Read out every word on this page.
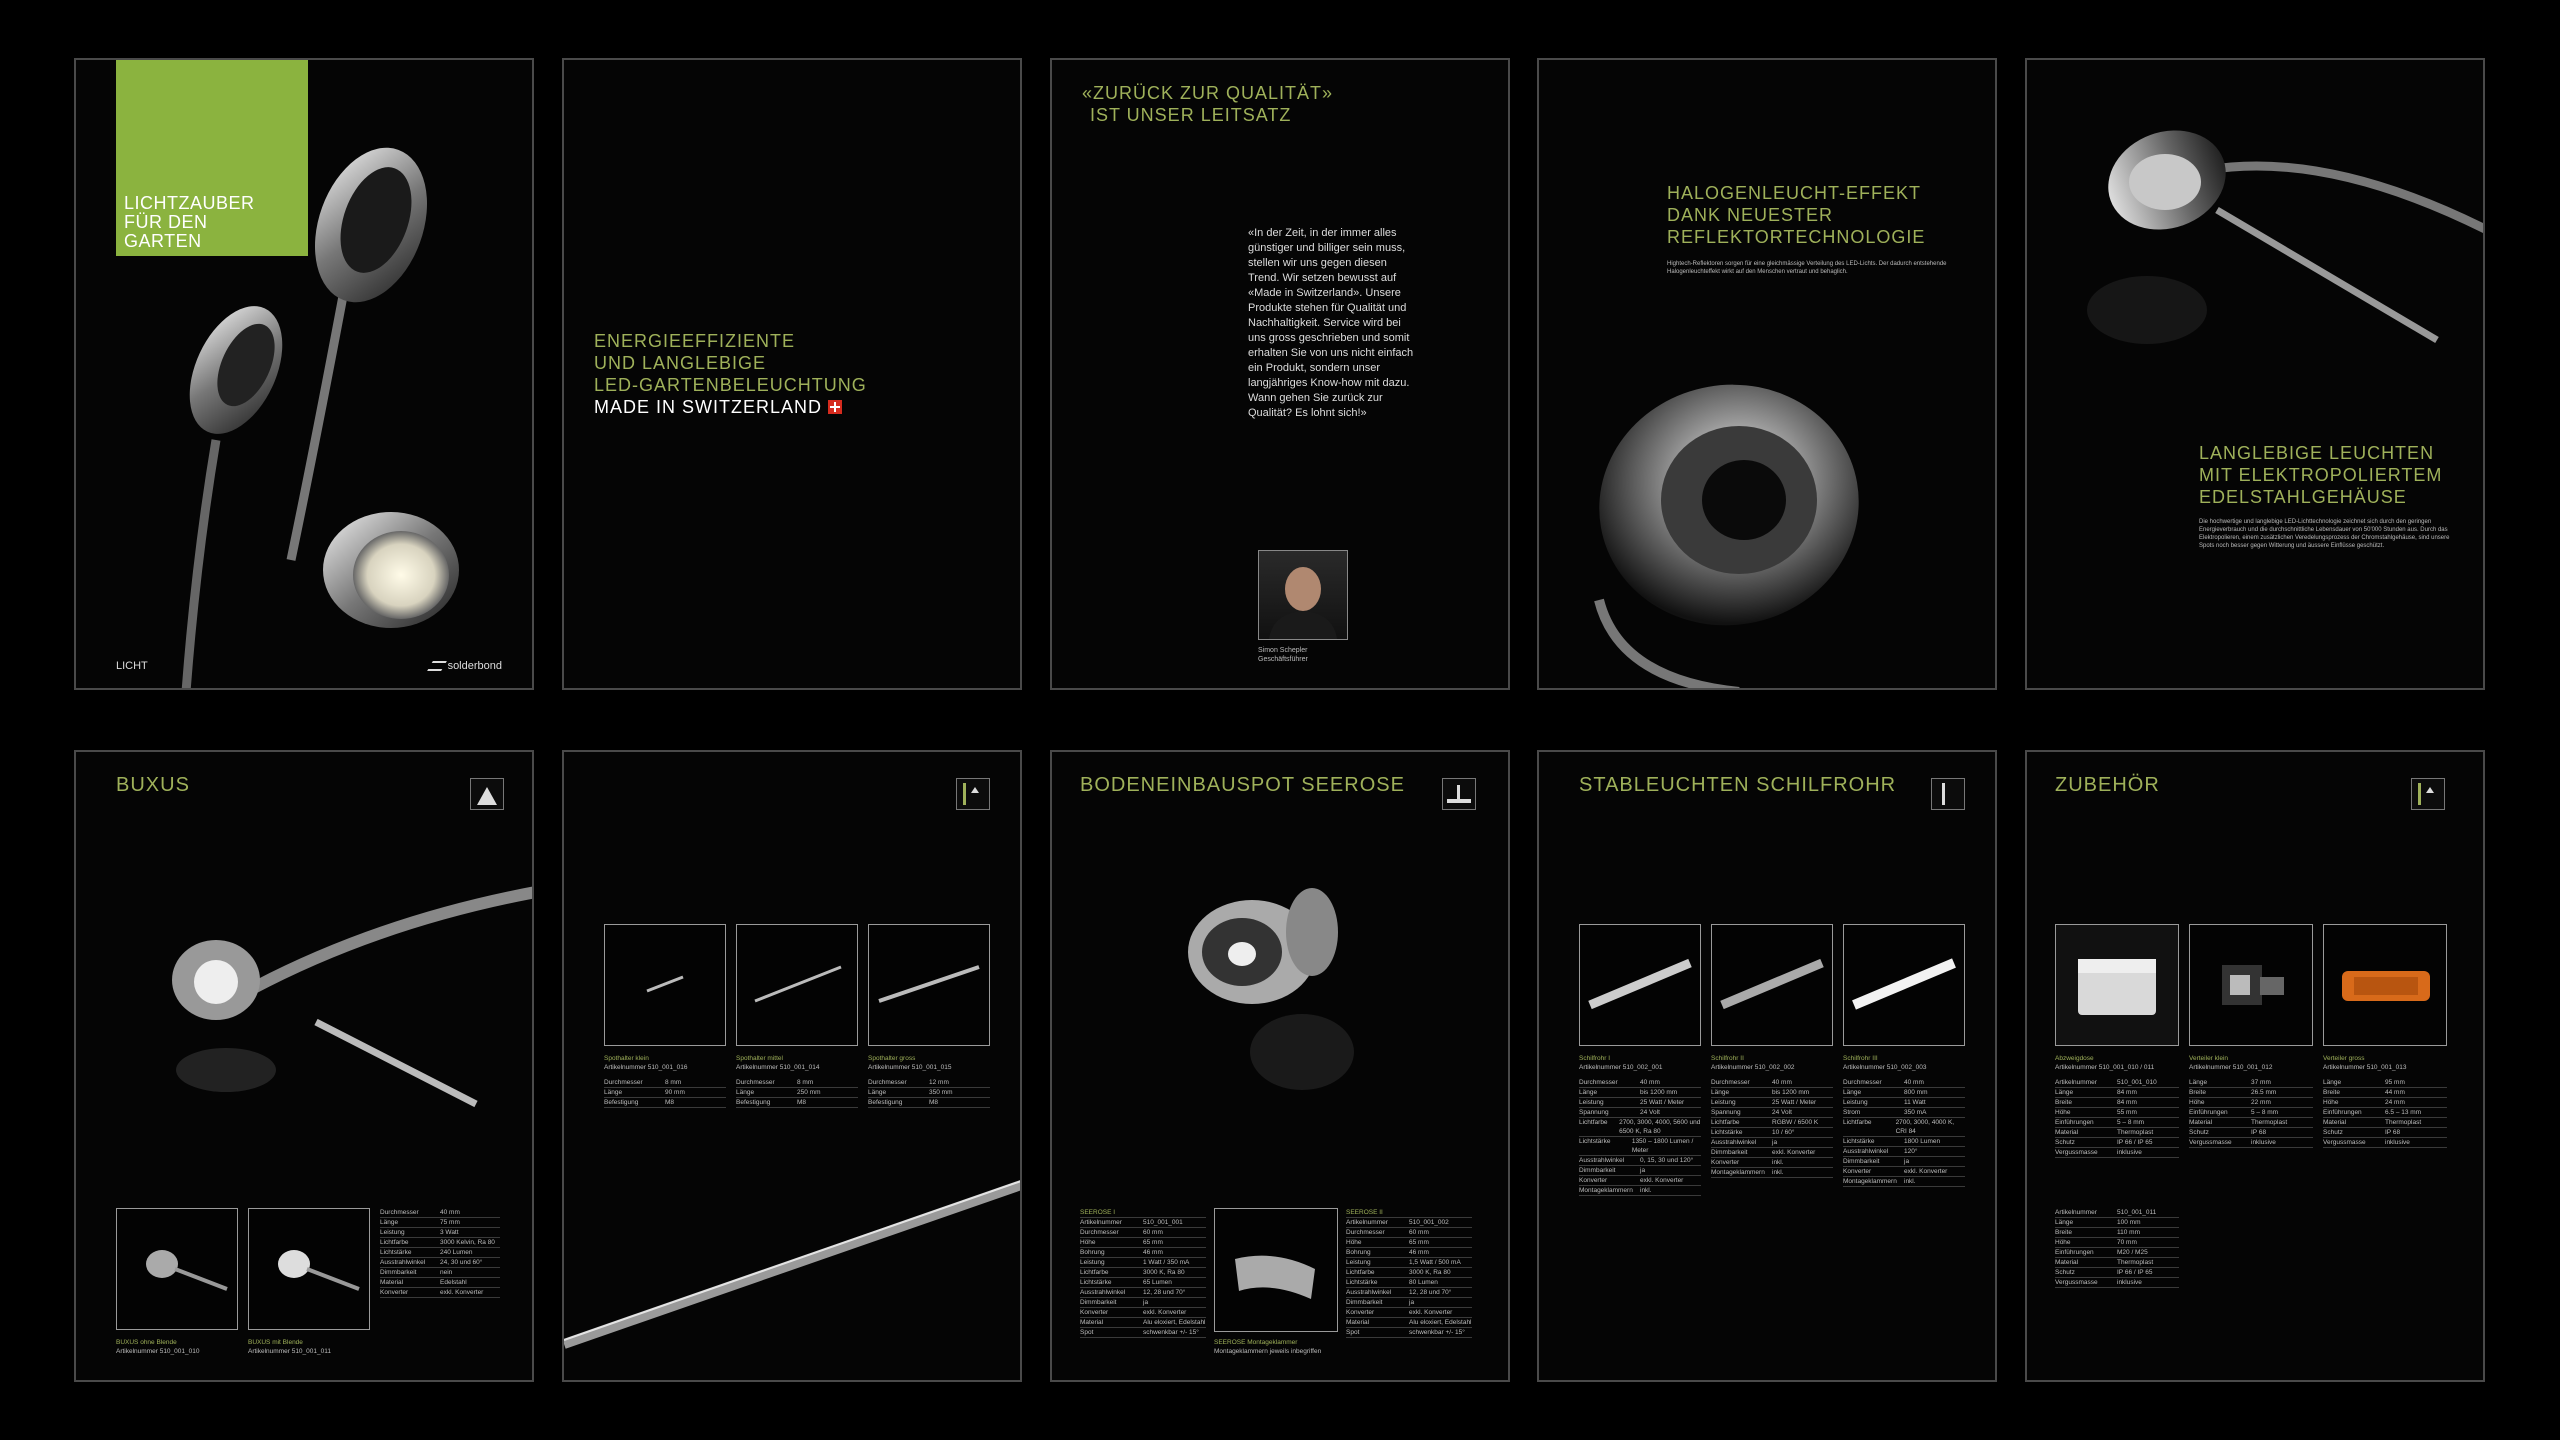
LICHTZAUBER
FÜR DEN
GARTEN
LICHT	solderbond
ENERGIEEFFIZIENTE
UND LANGLEBIGE
LED-GARTENBELEUCHTUNG
MADE IN SWITZERLAND
«ZURÜCK ZUR QUALITÄT»
IST UNSER LEITSATZ
«In der Zeit, in der immer alles günstiger und billiger sein muss, stellen wir uns gegen diesen Trend. Wir setzen bewusst auf «Made in Switzerland». Unsere Produkte stehen für Qualität und Nachhaltigkeit. Service wird bei uns gross geschrieben und somit erhalten Sie von uns nicht einfach ein Produkt, sondern unser langjähriges Know-how mit dazu. Wann gehen Sie zurück zur Qualität? Es lohnt sich!»
Simon Schepler
Geschäftsführer
HALOGENLEUCHT-EFFEKT
DANK NEUESTER
REFLEKTORTECHNOLOGIE
Hightech-Reflektoren sorgen für eine gleichmässige Verteilung des LED-Lichts. Der dadurch entstehende Halogenleuchteffekt wirkt auf den Menschen vertraut und behaglich.
LANGLEBIGE LEUCHTEN
MIT ELEKTROPOLIERTEM
EDELSTAHLGEHÄUSE
Die hochwertige und langlebige LED-Lichttechnologie zeichnet sich durch den geringen Energieverbrauch und die durchschnittliche Lebensdauer von 50'000 Stunden aus. Durch das Elektropolieren, einem zusätzlichen Veredelungsprozess der Chromstahlgehäuse, sind unsere Spots noch besser gegen Witterung und äussere Einflüsse geschützt.
BUXUS
Durchmesser	40 mm
Länge	75 mm
Leistung	3 Watt
Lichtfarbe	3000 Kelvin, Ra 80
Lichtstärke	240 Lumen
Ausstrahlwinkel	24, 30 und 60°
Dimmbarkeit	nein
Material	Edelstahl
Konverter	exkl. Konverter
BUXUS ohne Blende
Artikelnummer 510_001_010
BUXUS mit Blende
Artikelnummer 510_001_011
Spothalter klein
Artikelnummer 510_001_016
Durchmesser	8 mm
Länge	90 mm
Befestigung	M8
Spothalter mittel
Artikelnummer 510_001_014
Durchmesser	8 mm
Länge	250 mm
Befestigung	M8
Spothalter gross
Artikelnummer 510_001_015
Durchmesser	12 mm
Länge	350 mm
Befestigung	M8
BODENEINBAUSPOT SEEROSE
SEEROSE I
Artikelnummer	510_001_001
Durchmesser	60 mm
Höhe	65 mm
Bohrung	46 mm
Leistung	1 Watt / 350 mA
Lichtfarbe	3000 K, Ra 80
Lichtstärke	65 Lumen
Ausstrahlwinkel	12, 28 und 70°
Dimmbarkeit	ja
Konverter	exkl. Konverter
Material	Alu eloxiert, Edelstahl
Spot	schwenkbar +/- 15°
SEEROSE Montageklammer
Montageklammern jeweils inbegriffen
SEEROSE II
Artikelnummer	510_001_002
Durchmesser	60 mm
Höhe	65 mm
Bohrung	46 mm
Leistung	1,5 Watt / 500 mA
Lichtfarbe	3000 K, Ra 80
Lichtstärke	80 Lumen
Ausstrahlwinkel	12, 28 und 70°
Dimmbarkeit	ja
Konverter	exkl. Konverter
Material	Alu eloxiert, Edelstahl
Spot	schwenkbar +/- 15°
STABLEUCHTEN SCHILFROHR
Schilfrohr I
Artikelnummer 510_002_001
Durchmesser	40 mm
Länge	bis 1200 mm
Leistung	25 Watt / Meter
Spannung	24 Volt
Lichtfarbe	2700, 3000, 4000, 5600 und 6500 K, Ra 80
Lichtstärke	1350 – 1800 Lumen / Meter
Ausstrahlwinkel	0, 15, 30 und 120°
Dimmbarkeit	ja
Konverter	exkl. Konverter
Montageklammern	inkl.
Schilfrohr II
Artikelnummer 510_002_002
Durchmesser	40 mm
Länge	bis 1200 mm
Leistung	25 Watt / Meter
Spannung	24 Volt
Lichtfarbe	RGBW / 6500 K
Lichtstärke	10 / 60°
Ausstrahlwinkel	ja
Dimmbarkeit	exkl. Konverter
Konverter	inkl.
Montageklammern	inkl.
Schilfrohr III
Artikelnummer 510_002_003
Durchmesser	40 mm
Länge	800 mm
Leistung	11 Watt
Strom	350 mA
Lichtfarbe	2700, 3000, 4000 K, CRI 84
Lichtstärke	1800 Lumen
Ausstrahlwinkel	120°
Dimmbarkeit	ja
Konverter	exkl. Konverter
Montageklammern	inkl.
ZUBEHÖR
Abzweigdose
Artikelnummer 510_001_010 / 011
Artikelnummer	510_001_010
Länge	84 mm
Breite	84 mm
Höhe	55 mm
Einführungen	5 – 8 mm
Material	Thermoplast
Schutz	IP 66 / IP 65
Vergussmasse	inklusive
Verteiler klein
Artikelnummer 510_001_012
Länge	37 mm
Breite	26.5 mm
Höhe	22 mm
Einführungen	5 – 8 mm
Material	Thermoplast
Schutz	IP 68
Vergussmasse	inklusive
Verteiler gross
Artikelnummer 510_001_013
Länge	95 mm
Breite	44 mm
Höhe	24 mm
Einführungen	6.5 – 13 mm
Material	Thermoplast
Schutz	IP 68
Vergussmasse	inklusive
Artikelnummer	510_001_011
Länge	100 mm
Breite	110 mm
Höhe	70 mm
Einführungen	M20 / M25
Material	Thermoplast
Schutz	IP 66 / IP 65
Vergussmasse	inklusive
